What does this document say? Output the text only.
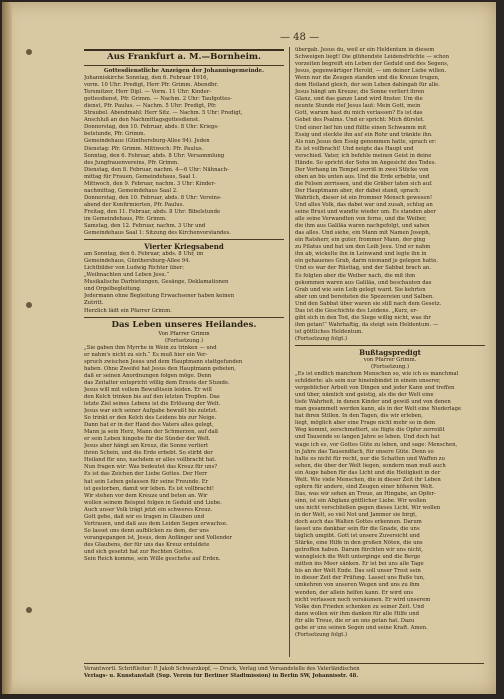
— 48 —
Aus Frankfurt a. M.—Bornheim.
Gottesdienstliche Anzeigen der Johannisgemeinde.
Johanniskirche Sonntag, den 6. Februar 1916,
vorm. 10 Uhr: Predigt, Herr Pfr. Grimm. Abendbr.
Tersmitzer, Herr Dipl. — Vorm. 11 Uhr: Kinder-
gottesdienst, Pfr. Grimm. — Nachm. 2 Uhr: Taufgottes-
dienst, Pfr. Paulus. — Nachm. 5 Uhr: Predigt, Pfr.
Straubel. Abendmahl: Herr Sitz. — Nachm. 5 Uhr: Predigt,
Anschluß an den Nachmittagsgottesdienst.
Donnerstag, den 10. Februar, abds. 8 Uhr: Kriegs-
betstunde, Pfr. Grimm.
Gemeindehaus (Günthersburg-Allee 94). Jeden
Dienstag: Pfr. Grimm. Mittwoch: Pfr. Paulus.
Sonntag, den 6. Februar, abds. 8 Uhr: Versammlung
des Jungfrauenvereins, Pfr. Grimm.
Dienstag, den 8. Februar, nachm. 4—6 Uhr: Nähnach-
mittag für Frauen, Gemeindehaus, Saal 1.
Mittwoch, den 9. Februar, nachm. 3 Uhr: Kinder-
nachmittag, Gemeindehaus Saal 2.
Donnerstag, den 10. Februar, abds. 8 Uhr: Vereins-
abend der Konfirmierten, Pfr. Paulus.
Freitag, den 11. Februar, abds. 8 Uhr: Bibelstunde
im Gemeindehaus, Pfr. Grimm.
Samstag, den 12. Februar, nachm. 3 Uhr und
Gemeindehaus Saal 1: Sitzung des Kirchenvorstandes.
Vierter Kriegsabend
am Sonntag, den 6. Februar, abds. 8 Uhr, im
Gemeindehaus, Günthersburg-Allee 94.
Lichtbilder von Ludwig Richter über:
„Weihnachten und Leben Jesu.“
Musikalische Darbietungen, Gesänge, Deklamationen
und Orgelbegleitung.
Jedermann ohne Begleitung Erwachsener haben keinen
Zutritt.
Herzlich lädt ein Pfarrer Grimm.
Das Leben unseres Heilandes.
Von Pfarrer Grimm
(Fortsetzung.)
„Sie gaben ihm Myrrhe in Wein zu trinken — und
er nahm's nicht zu sich.“ Es muß hier ein Ver-
spruch zwischen Jesus und dem Hauptmann stattgefunden
haben. Ohne Zweifel hat Jesus den Hauptmann gebeten,
daß er seinen Anordnungen folgen möge. Denn
das Zeitalter entspricht völlig dem Ernste der Stunde.
Jesus will mit vollem Bewußtsein leiden. Er will
den Kelch trinken bis auf den letzten Tropfen. Das
letzte Ziel seines Lebens ist die Erlösung der Welt.
Jesus war sich seiner Aufgabe bewußt bis zuletzt.
So trinkt er den Kelch des Leidens bis zur Neige.
Dann hat er in der Hand des Vaters alles gelegt,
Mann ja sein Herz, Mann der Schmerzen, auf daß
er sein Leben hingebe für die Sünder der Welt.
Jesus aber hängt am Kreuz, die Sonne verliert
ihren Schein, und die Erde erbebt. So stirbt der
Heiland für uns, nachdem er alles vollbracht hat.
Nun fragen wir: Was bedeutet das Kreuz für uns?
Es ist das Zeichen der Liebe Gottes. Der Herr
hat sein Leben gelassen für seine Freunde. Er
ist gestorben, damit wir leben. Es ist vollbracht!
Wir stehen vor dem Kreuze und beten an. Wir
wollen seinem Beispiel folgen in Geduld und Liebe.
Auch unser Volk trägt jetzt ein schweres Kreuz.
Gott gebe, daß wir es tragen in Glauben und
Vertrauen, und daß aus dem Leiden Segen erwachse.
So lasset uns denn aufblicken zu dem, der uns
vorangegangen ist, Jesus, dem Anfänger und Vollender
des Glaubens, der für uns das Kreuz erduldete
und sich gesetzt hat zur Rechten Gottes.
Sein Reich komme, sein Wille geschehe auf Erden.
übergab. Jesus du, weil er ein Heldentum in diesem
Schweigen liegt! Die glühendste Leidensfrüchte — schon
vorzeiten begreift ein Leben der Geduld und des Segens,
Jesus, gegenwärtiger Herold, — um deiner Liebe willen.
Wenn nur die Zeugen standen und die Kreuze trugen,
dem Heiland gleich, der sein Leben dahingab für alle.
Jesus hängt am Kreuze; die Sonne verliert ihren
Glanz, und das ganze Land wird finster. Um die
neunte Stunde rief Jesus laut: Mein Gott, mein
Gott, warum hast du mich verlassen? Es ist das
Gebet des Psalms. Und er spricht: Mich dürstet.
Und einer lief hin und füllte einen Schwamm mit
Essig und steckte ihn auf ein Rohr und tränkte ihn.
Als nun Jesus den Essig genommen hatte, sprach er:
Es ist vollbracht! Und neigte das Haupt und
verschied. Vater, ich befehle meinen Geist in deine
Hände. So spricht der Sohn im Angesicht des Todes.
Der Vorhang im Tempel zerriß in zwei Stücke von
oben an bis unten aus. Und die Erde erbebte, und
die Felsen zerrissen, und die Gräber taten sich auf.
Der Hauptmann aber, der dabei stand, sprach:
Wahrlich, dieser ist ein frommer Mensch gewesen!
Und alles Volk, das dabei war und zusah, schlug an
seine Brust und wandte wieder um. Es standen aber
alle seine Verwandten von ferne, und die Weiber,
die ihm aus Galiläa waren nachgefolgt, und sahen
das alles. Und siehe, ein Mann mit Namen Joseph,
ein Ratsherr, ein guter, frommer Mann, der ging
zu Pilatus und bat um den Leib Jesu. Und er nahm
ihn ab, wickelte ihn in Leinwand und legte ihn in
ein gehauenes Grab, darin niemand je gelegen hatte.
Und es war der Rüsttag, und der Sabbat brach an.
Es folgten aber die Weiber nach, die mit ihm
gekommen waren aus Galiläa, und beschauten das
Grab und wie sein Leib gelegt ward. Sie kehrten
aber um und bereiteten die Spezereien und Salben.
Und den Sabbat über waren sie still nach dem Gesetz.
Das ist die Geschichte des Leidens. „Kurz, er-
gibt sich in den Tod, die Siege willig nicht, was ihr
ihm getan!“ Wahrhaftig, da steigt sein Heldentum. —
ist göttliches Heldentum.
(Fortsetzung folgt.)
Bußtagspredigt
von Pfarrer Grimm.
(Fortsetzung.)
„Es ist endlich manchem Menschen so, wie ich es manchmal
schilderte: als sein nur hineinbindet in einem unserer,
vergeblicher Arbeit von Dingen und jeder Kann und treffen
und über, nämlich und geistig, als die der Welt eine
tiefe Wahrheit, in denen Kinder und gewiß und von denen
man gesammelt werden kann, als in der Welt eine Niederlage
hat ihren Stillen. In den Tagen, die wir erleben,
liegt, möglich aber eine Frage nicht mehr so in dem
Weg kommt, zerschmettert, sie fügte die Opfer zerreißt
und Tausende so langen Jahre so leben. Und doch hat
wage ich es, vor Gottes Güte zu leben, und sage: Menschen,
in Jahre das Tausendfach, für unsere Güte. Denn so
halte es nicht für recht, nur die Schatten und Waffen zu
sehen, die über der Welt liegen, sondern man muß auch
ein Auge haben für das Licht und die Heiligkeit in der
Welt. Wie viele Menschen, die in dieser Zeit ihr Leben
opfern für andere, sind Zeugen einer höheren Welt.
Das, was wir sehen an Treue, an Hingabe, an Opfer-
sinn, ist ein Abglanz göttlicher Liebe. Wir wollen
uns nicht verschließen gegen dieses Licht. Wir wollen
in der Welt, so viel Not und Jammer sie birgt,
doch auch das Walten Gottes erkennen. Darum
lasset uns dankbar sein für die Gnade, die uns
täglich umgibt. Gott ist unsere Zuversicht und
Stärke, eine Hilfe in den großen Nöten, die uns
getroffen haben. Darum fürchten wir uns nicht,
wenngleich die Welt unterginge und die Berge
mitten ins Meer sänken. Er ist bei uns alle Tage
bis an der Welt Ende. Das soll unser Trost sein
in dieser Zeit der Prüfung. Lasset uns Buße tun,
umkehren von unseren Wegen und uns zu ihm
wenden, der allein helfen kann. Er wird uns
nicht verlassen noch versäumen. Er wird unserem
Volke den Frieden schenken zu seiner Zeit. Und
dann wollen wir ihm danken für alle Hilfe und
für alle Treue, die er an uns getan hat. Dazu
gebe er uns seinen Segen und seine Kraft. Amen.
(Fortsetzung folgt.)
Verantwortl. Schriftleiter: P. Jakob Schwarzkopf, — Druck, Verlag und Versandstelle des Vaterländischen
Verlags- u. Kunstanstalt (Sup. Verein für Berliner Stadtmission) in Berlin SW, Johannisstr. 48.
